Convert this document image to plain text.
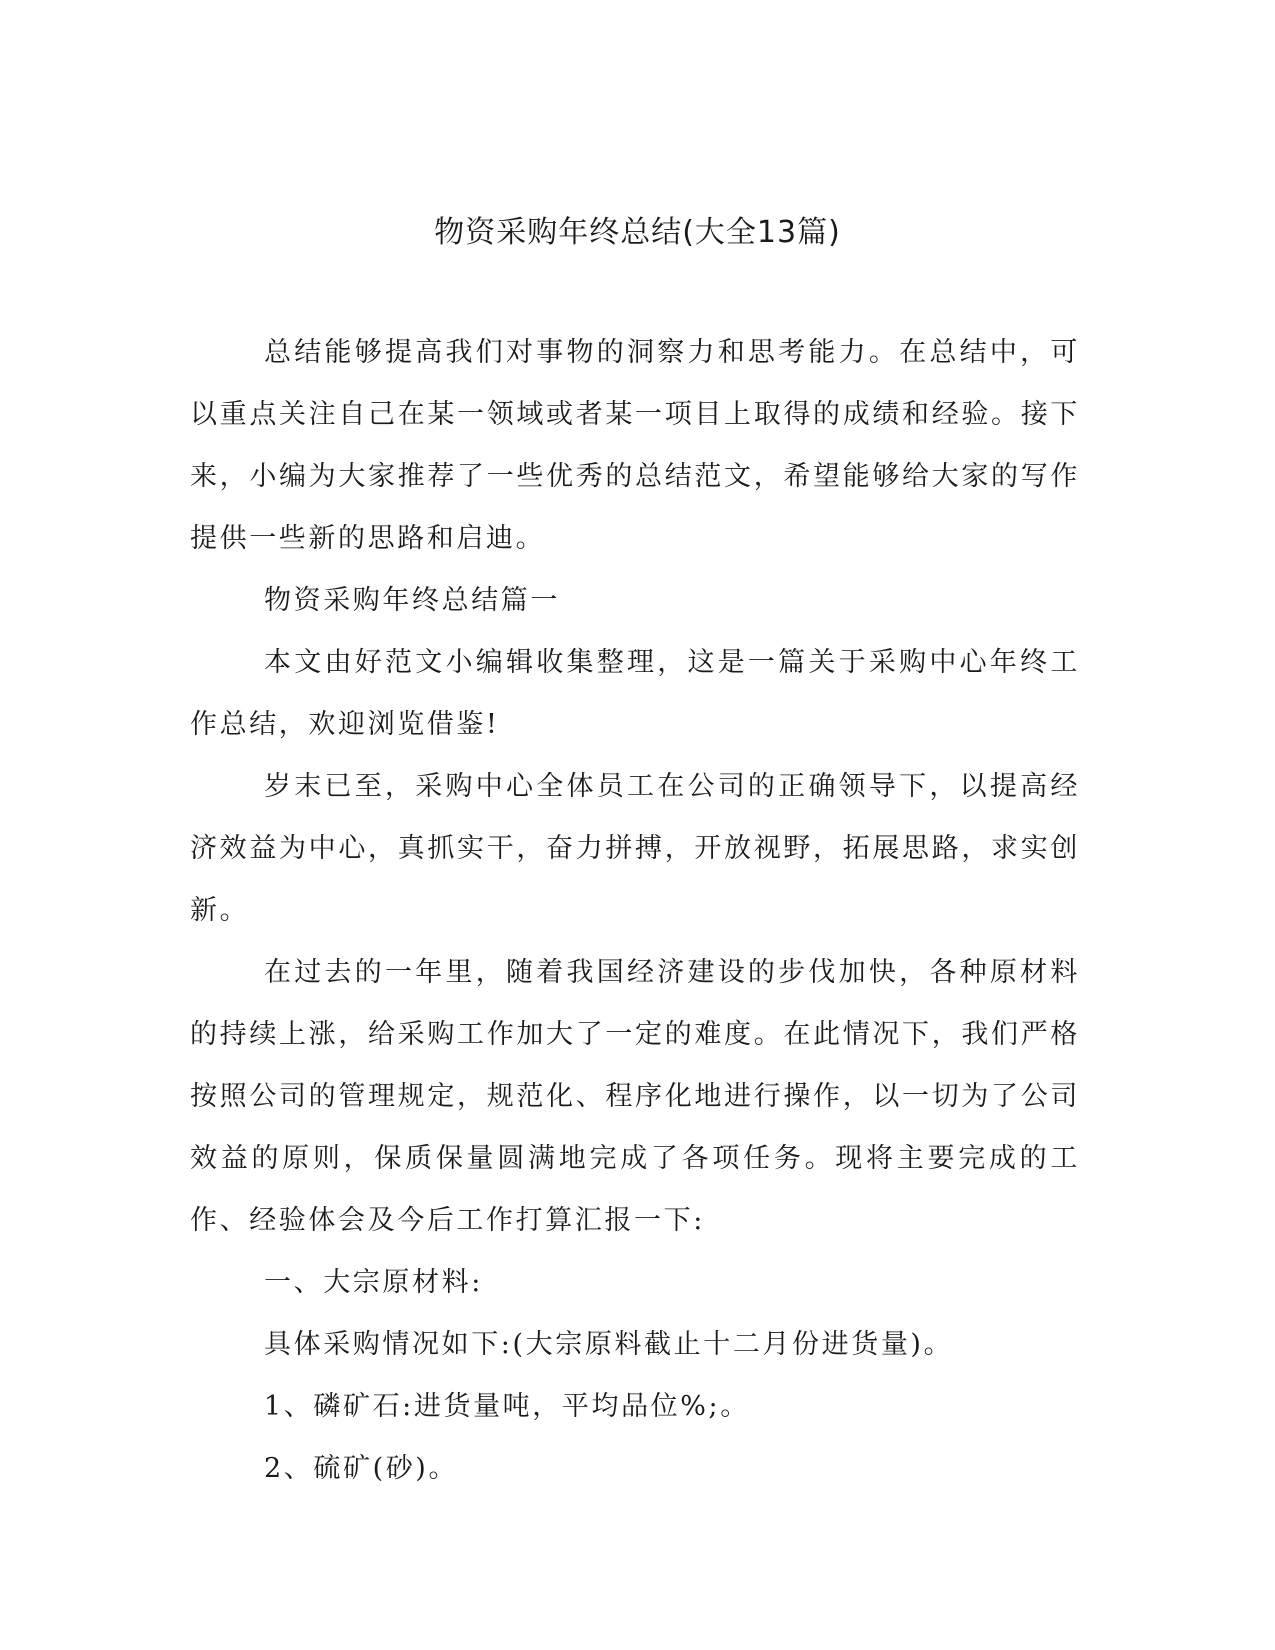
物资采购年终总结(大全13篇)

总结能够提高我们对事物的洞察力和思考能力。在总结中，可以重点关注自己在某一领域或者某一项目上取得的成绩和经验。接下来，小编为大家推荐了一些优秀的总结范文，希望能够给大家的写作提供一些新的思路和启迪。

物资采购年终总结篇一

本文由好范文小编辑收集整理，这是一篇关于采购中心年终工作总结，欢迎浏览借鉴!

岁末已至，采购中心全体员工在公司的正确领导下，以提高经济效益为中心，真抓实干，奋力拼搏，开放视野，拓展思路，求实创新。

在过去的一年里，随着我国经济建设的步伐加快，各种原材料的持续上涨，给采购工作加大了一定的难度。在此情况下，我们严格按照公司的管理规定，规范化、程序化地进行操作，以一切为了公司效益的原则，保质保量圆满地完成了各项任务。现将主要完成的工作、经验体会及今后工作打算汇报一下:

一、大宗原材料:

具体采购情况如下:(大宗原料截止十二月份进货量)。

1、磷矿石:进货量吨，平均品位%;。

2、硫矿(砂)。
